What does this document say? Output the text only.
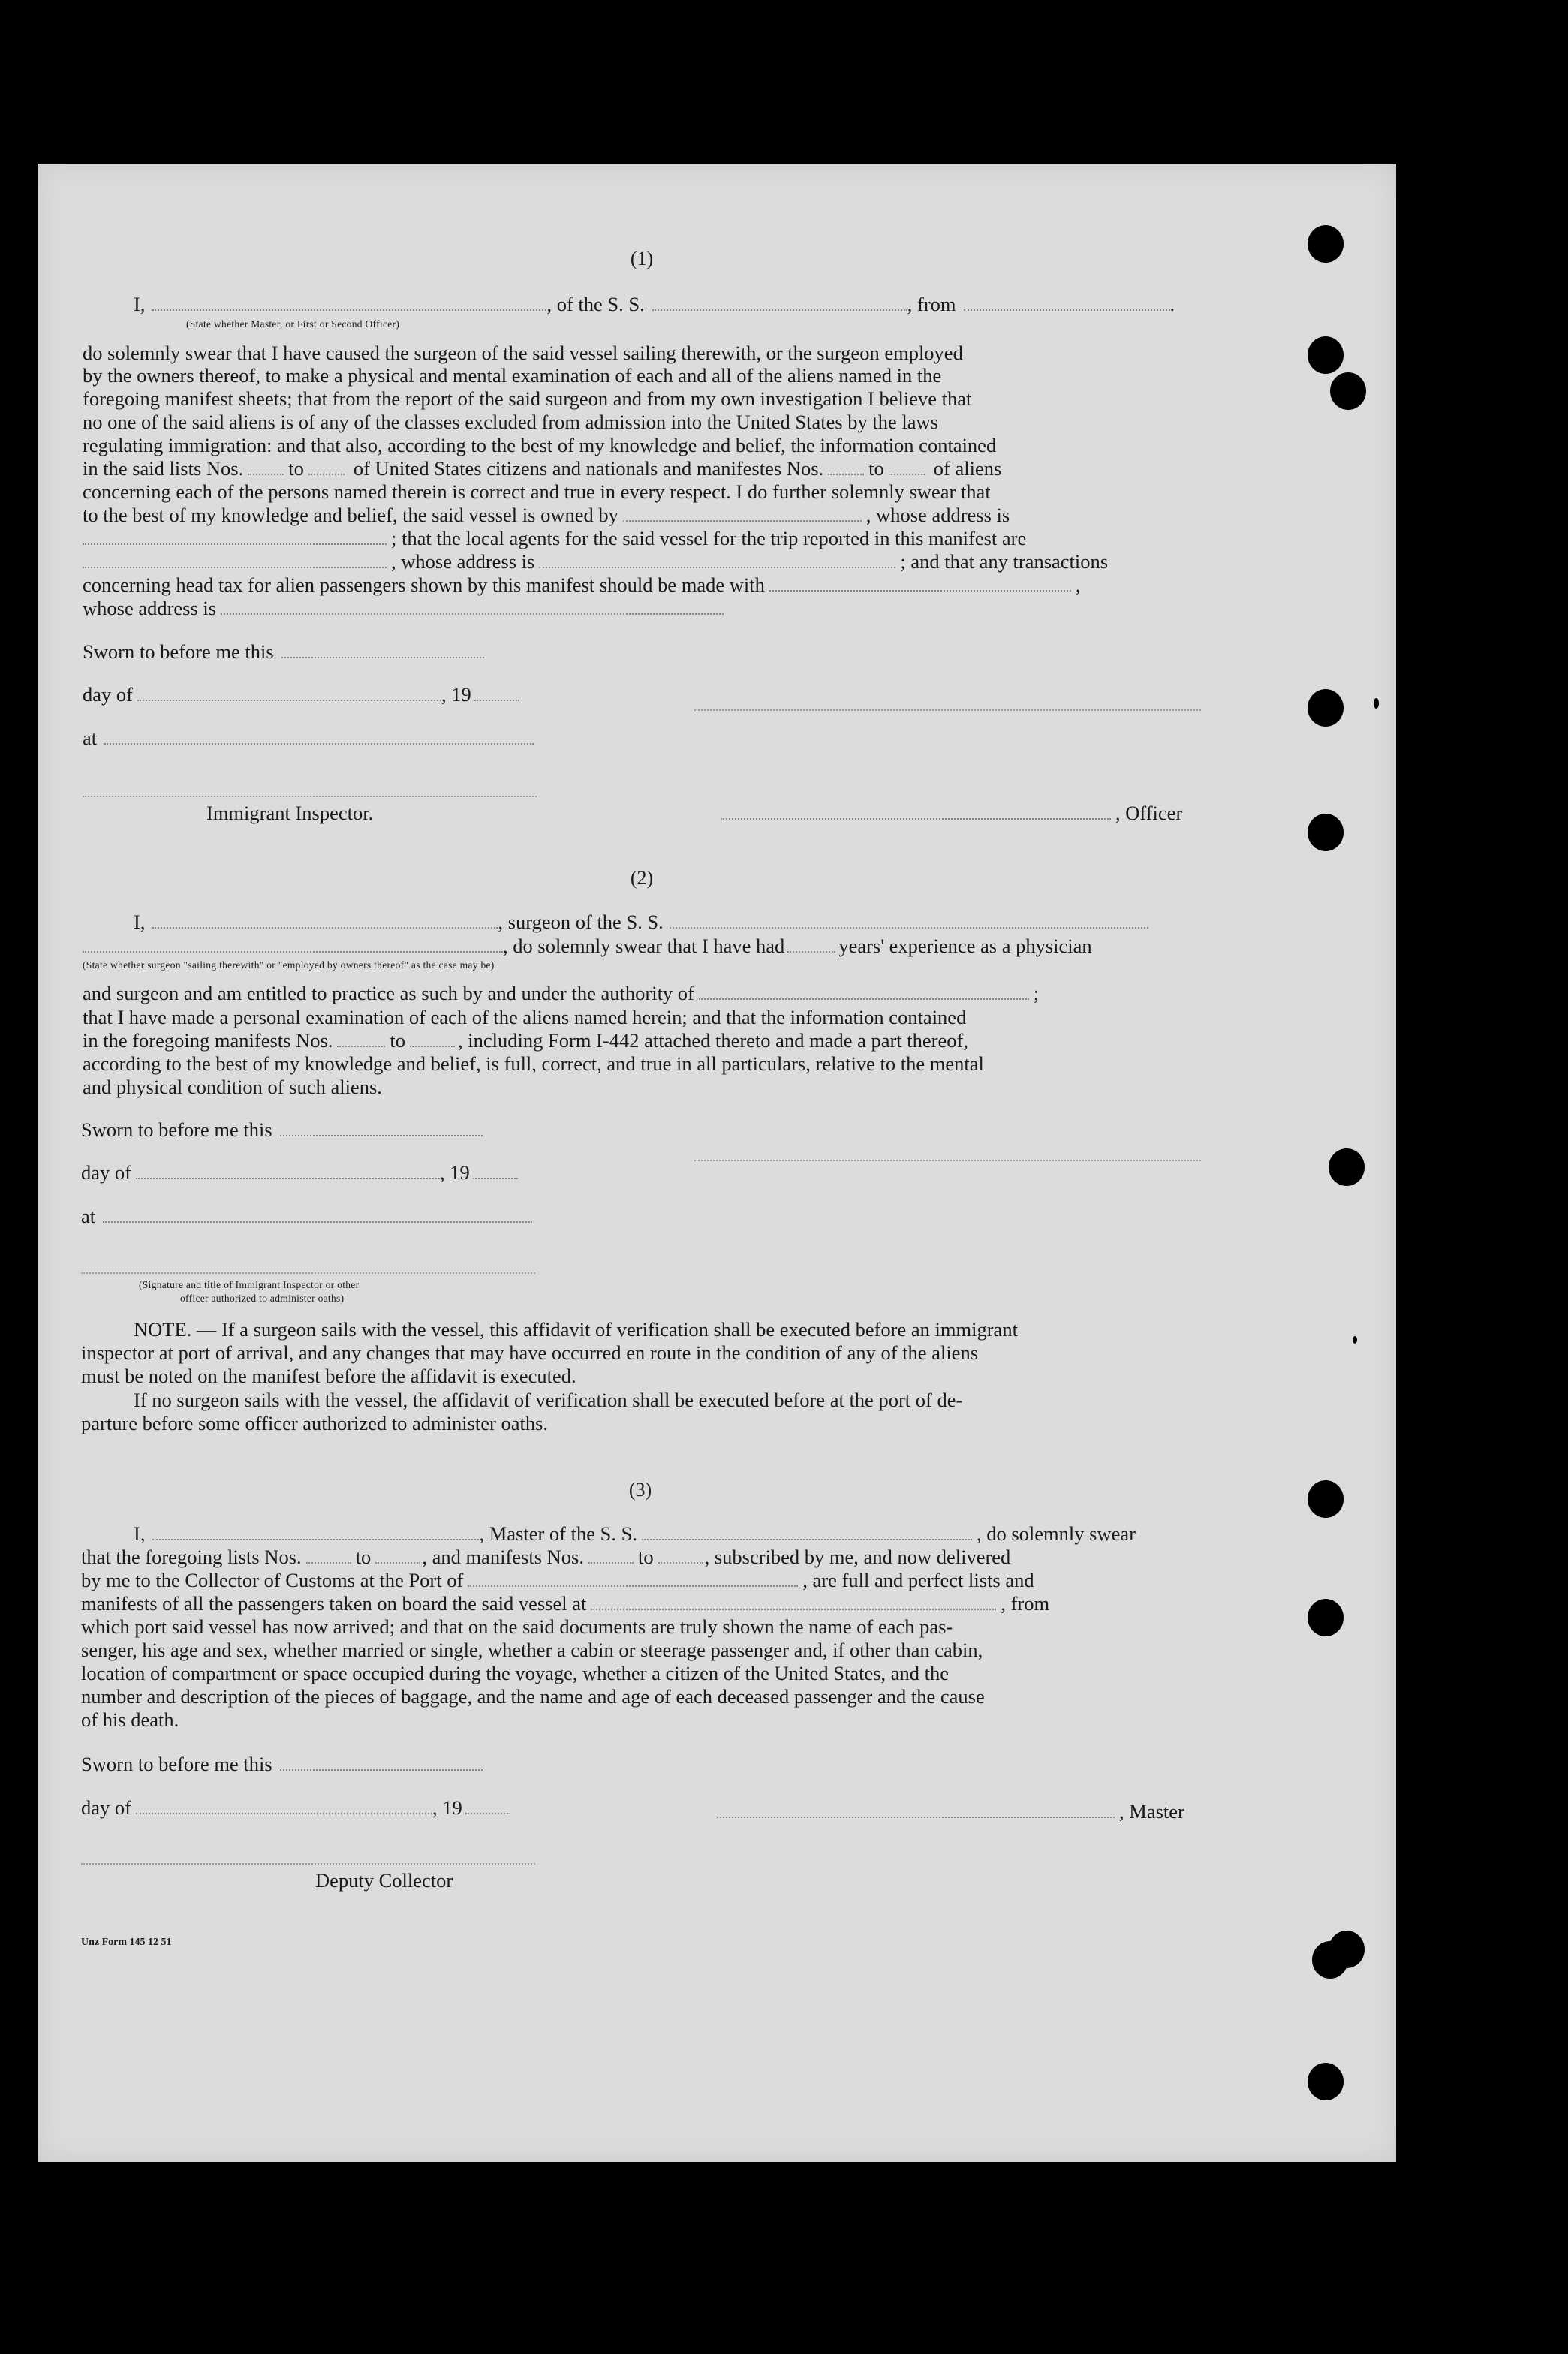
(1)
I,	, of the S. S.	, from	.
(State whether Master, or First or Second Officer)
do solemnly swear that I have caused the surgeon of the said vessel sailing therewith, or the surgeon employed
by the owners thereof, to make a physical and mental examination of each and all of the aliens named in the
foregoing manifest sheets; that from the report of the said surgeon and from my own investigation I believe that
no one of the said aliens is of any of the classes excluded from admission into the United States by the laws
regulating immigration: and that also, according to the best of my knowledge and belief, the information contained
in the said lists Nos. to of United States citizens and nationals and manifestes Nos. to of aliens
concerning each of the persons named therein is correct and true in every respect. I do further solemnly swear that
to the best of my knowledge and belief, the said vessel is owned by	, whose address is
; that the local agents for the said vessel for the trip reported in this manifest are
, whose address is	; and that any transactions
concerning head tax for alien passengers shown by this manifest should be made with	,
whose address is
Sworn to before me this
day of	, 19
at
Immigrant Inspector.	, Officer
(2)
I,	, surgeon of the S. S.
, do solemnly swear that I have had	years' experience as a physician
(State whether surgeon "sailing therewith" or "employed by owners thereof" as the case may be)
and surgeon and am entitled to practice as such by and under the authority of	;
that I have made a personal examination of each of the aliens named herein; and that the information contained
in the foregoing manifests Nos.	to	, including Form I-442 attached thereto and made a part thereof,
according to the best of my knowledge and belief, is full, correct, and true in all particulars, relative to the mental
and physical condition of such aliens.
Sworn to before me this
day of	, 19
at
(Signature and title of Immigrant Inspector or other
officer authorized to administer oaths)
NOTE. — If a surgeon sails with the vessel, this affidavit of verification shall be executed before an immigrant
inspector at port of arrival, and any changes that may have occurred en route in the condition of any of the aliens
must be noted on the manifest before the affidavit is executed.
If no surgeon sails with the vessel, the affidavit of verification shall be executed before at the port of de-
parture before some officer authorized to administer oaths.
(3)
I,	, Master of the S. S.	, do solemnly swear
that the foregoing lists Nos.	to	, and manifests Nos.	to	, subscribed by me, and now delivered
by me to the Collector of Customs at the Port of	, are full and perfect lists and
manifests of all the passengers taken on board the said vessel at	, from
which port said vessel has now arrived; and that on the said documents are truly shown the name of each pas-
senger, his age and sex, whether married or single, whether a cabin or steerage passenger and, if other than cabin,
location of compartment or space occupied during the voyage, whether a citizen of the United States, and the
number and description of the pieces of baggage, and the name and age of each deceased passenger and the cause
of his death.
Sworn to before me this
day of	, 19	, Master
Deputy Collector
Unz Form 145 12 51
